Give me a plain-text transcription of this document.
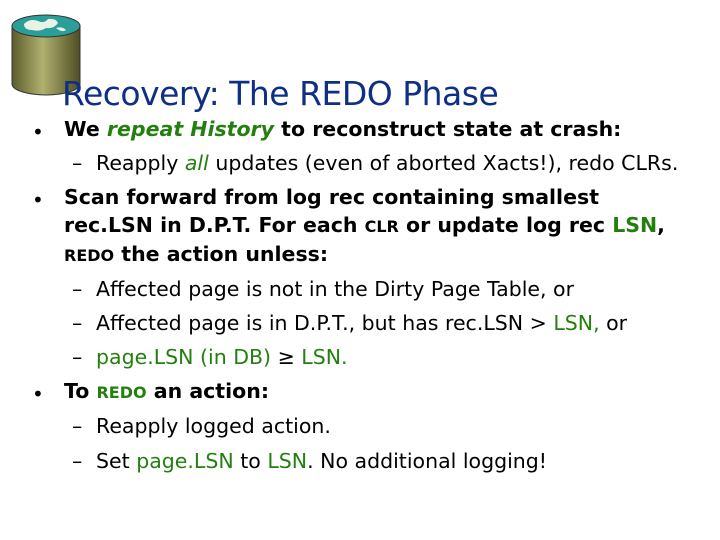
Recovery: The REDO Phase
• We repeat History to reconstruct state at crash:
– Reapply all updates (even of aborted Xacts!), redo CLRs.
• Scan forward from log rec containing smallest
rec.LSN in D.P.T. For each CLR or update log rec LSN,
REDO the action unless:
– Affected page is not in the Dirty Page Table, or
– Affected page is in D.P.T., but has rec.LSN > LSN, or
– page.LSN (in DB) ≥ LSN.
• To REDO an action:
– Reapply logged action.
– Set page.LSN to LSN. No additional logging!
